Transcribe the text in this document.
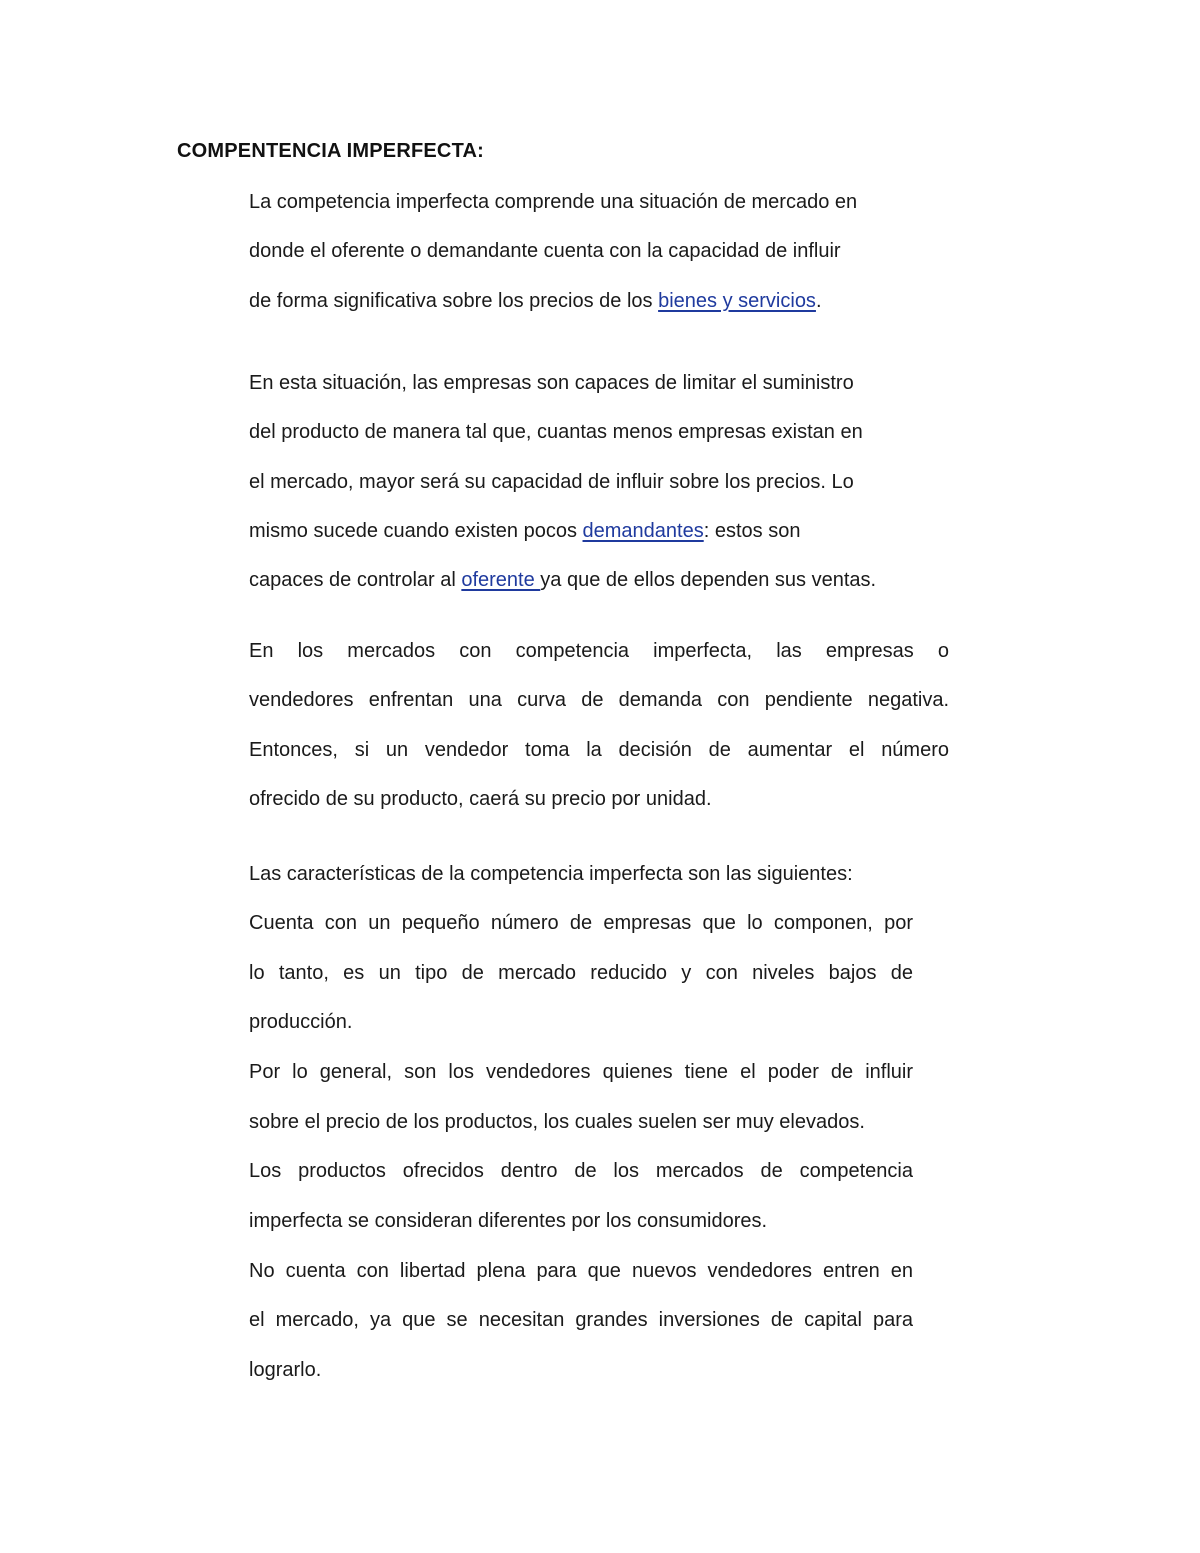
COMPENTENCIA IMPERFECTA:
La competencia imperfecta comprende una situación de mercado en
donde el oferente o demandante cuenta con la capacidad de influir
de forma significativa sobre los precios de los bienes y servicios.
En esta situación, las empresas son capaces de limitar el suministro
del producto de manera tal que, cuantas menos empresas existan en
el mercado, mayor será su capacidad de influir sobre los precios. Lo
mismo sucede cuando existen pocos demandantes: estos son
capaces de controlar al oferente ya que de ellos dependen sus ventas.
En los mercados con competencia imperfecta, las empresas o
vendedores enfrentan una curva de demanda con pendiente negativa.
Entonces, si un vendedor toma la decisión de aumentar el número
ofrecido de su producto, caerá su precio por unidad.
Las características de la competencia imperfecta son las siguientes:
Cuenta con un pequeño número de empresas que lo componen, por
lo tanto, es un tipo de mercado reducido y con niveles bajos de
producción.
Por lo general, son los vendedores quienes tiene el poder de influir
sobre el precio de los productos, los cuales suelen ser muy elevados.
Los productos ofrecidos dentro de los mercados de competencia
imperfecta se consideran diferentes por los consumidores.
No cuenta con libertad plena para que nuevos vendedores entren en
el mercado, ya que se necesitan grandes inversiones de capital para
lograrlo.
